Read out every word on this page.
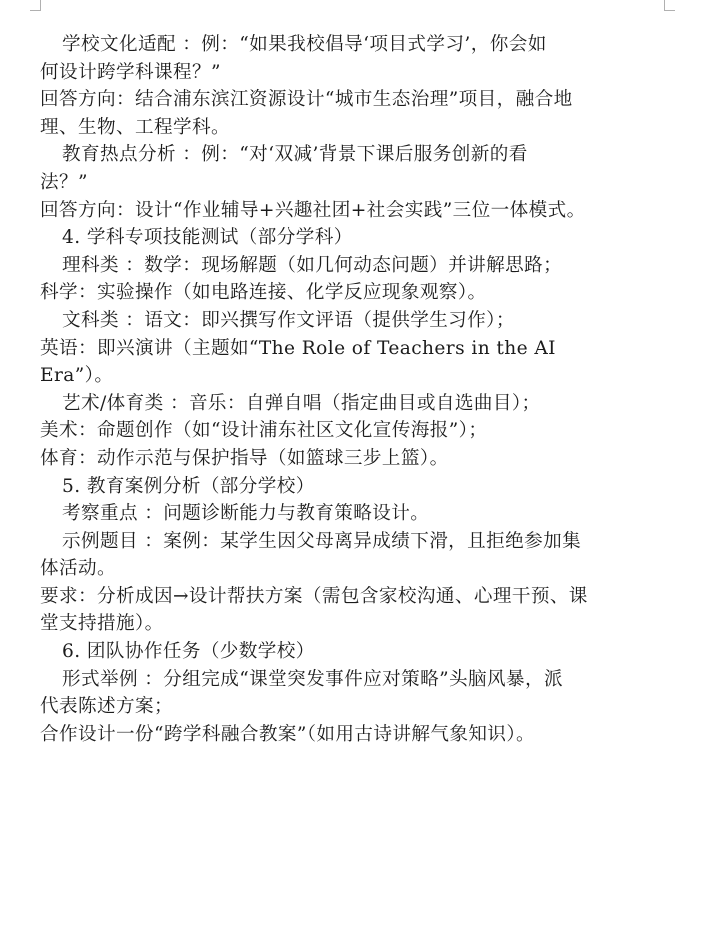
学校文化适配 ：例：“如果我校倡导‘项目式学习’，你会如

何设计跨学科课程？”

回答方向：结合浦东滨江资源设计“城市生态治理”项目，融合地

理、生物、工程学科。

教育热点分析 ：例：“对‘双减’背景下课后服务创新的看

法？”

回答方向：设计“作业辅导+兴趣社团+社会实践”三位一体模式。

4. 学科专项技能测试（部分学科）

理科类 ：数学：现场解题（如几何动态问题）并讲解思路；

科学：实验操作（如电路连接、化学反应现象观察）。

文科类 ：语文：即兴撰写作文评语（提供学生习作）；

英语：即兴演讲（主题如“The Role of Teachers in the AI

Era”）。

艺术/体育类 ：音乐：自弹自唱（指定曲目或自选曲目）；

美术：命题创作（如“设计浦东社区文化宣传海报”）；

体育：动作示范与保护指导（如篮球三步上篮）。

5. 教育案例分析（部分学校）

考察重点 ：问题诊断能力与教育策略设计。

示例题目 ：案例：某学生因父母离异成绩下滑，且拒绝参加集

体活动。

要求：分析成因→设计帮扶方案（需包含家校沟通、心理干预、课

堂支持措施）。

6. 团队协作任务（少数学校）

形式举例 ：分组完成“课堂突发事件应对策略”头脑风暴，派

代表陈述方案；

合作设计一份“跨学科融合教案”（如用古诗讲解气象知识）。
